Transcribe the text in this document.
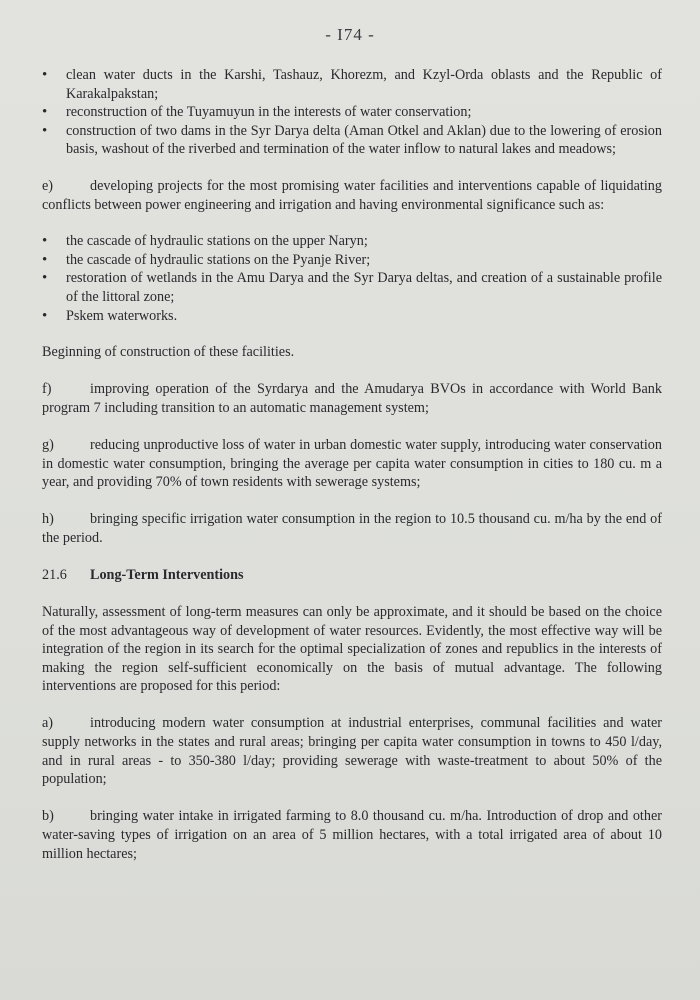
- I74 -
• clean water ducts in the Karshi, Tashauz, Khorezm, and Kzyl-Orda oblasts and the Republic of Karakalpakstan;
• reconstruction of the Tuyamuyun in the interests of water conservation;
• construction of two dams in the Syr Darya delta (Aman Otkel and Aklan) due to the lowering of erosion basis, washout of the riverbed and termination of the water inflow to natural lakes and meadows;

e)	developing projects for the most promising water facilities and interventions capable of liquidating conflicts between power engineering and irrigation and having environmental significance such as:

• the cascade of hydraulic stations on the upper Naryn;
• the cascade of hydraulic stations on the Pyanje River;
• restoration of wetlands in the Amu Darya and the Syr Darya deltas, and creation of a sustainable profile of the littoral zone;
• Pskem waterworks.

Beginning of construction of these facilities.

f)	improving operation of the Syrdarya and the Amudarya BVOs in accordance with World Bank program 7 including transition to an automatic management system;

g)	reducing unproductive loss of water in urban domestic water supply, introducing water conservation in domestic water consumption, bringing the average per capita water consumption in cities to 180 cu. m a year, and providing 70% of town residents with sewerage systems;

h)	bringing specific irrigation water consumption in the region to 10.5 thousand cu. m/ha by the end of the period.

21.6	Long-Term Interventions

Naturally, assessment of long-term measures can only be approximate, and it should be based on the choice of the most advantageous way of development of water resources. Evidently, the most effective way will be integration of the region in its search for the optimal specialization of zones and republics in the interests of making the region self-sufficient economically on the basis of mutual advantage. The following interventions are proposed for this period:

a)	introducing modern water consumption at industrial enterprises, communal facilities and water supply networks in the states and rural areas; bringing per capita water consumption in towns to 450 l/day, and in rural areas - to 350-380 l/day; providing sewerage with waste-treatment to about 50% of the population;

b)	bringing water intake in irrigated farming to 8.0 thousand cu. m/ha. Introduction of drop and other water-saving types of irrigation on an area of 5 million hectares, with a total irrigated area of about 10 million hectares;
